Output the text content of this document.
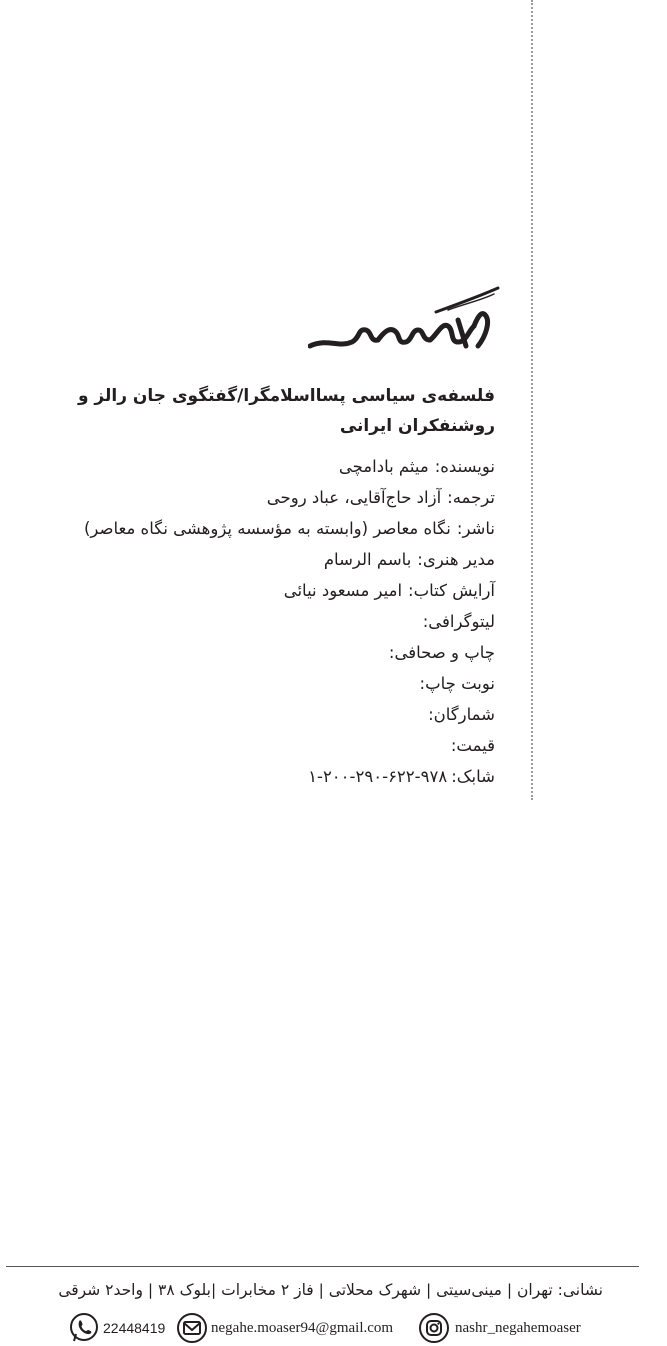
فلسفه‌ی سیاسی پسااسلامگرا/گفتگوی جان رالز و روشنفکران ایرانی
نویسنده:میثم بادامچی
ترجمه:آزاد حاج‌آقایی، عباد روحی
ناشر:نگاه معاصر (وابسته به مؤسسه پژوهشی نگاه معاصر)
مدیر هنری:باسم الرسام
آرایش کتاب:امیر مسعود نیائی
لیتوگرافی:
چاپ و صحافی:
نوبت چاپ:
شمارگان:
قیمت:
شابک:۹۷۸-۶۲۲-۲۹۰-۲۰۰-۱

نشانی: تهران | مینی‌سیتی | شهرک محلاتی | فاز ۲ مخابرات |بلوک ۳۸ | واحد۲ شرقی

22448419	negahe.moaser94@gmail.com	nashr_negahemoaser
